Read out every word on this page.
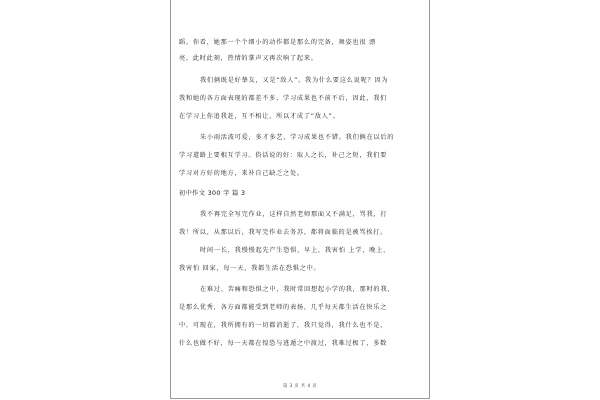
蹈。你看，她那一个个细小的动作都是那么的完备，舞姿也很 漂
亮。此时此刻，热情的掌声又再次响了起来。
我们俩既是好挚友，又是“敌人”。我为什么要这么说呢？因为
我和她的各方面表现的都差不多，学习成果也不前不后，因此，我们
在学习上你追我赶，互不相让，所以才成了“敌人”。
朱小雨活波可爱，多才多艺，学习成果也不错。我们俩在以后的
学习道路上要相互学习。俗话说的好：取人之长，补己之短，我们要
学习对方好的地方，来补自己缺乏之处。
初中作文 300 字 篇 3
我不再完全写完作业，这样自然老师那面又不满足，骂我，打
我！所以，从那以后，我写完作业去务苏，都将面临的是被骂挨打。
时间一长，我慢慢起先产生恐惧，早上，我害怕 上学，晚上，
我害怕 回家，每一天，我都生活在恐惧之中。
在难过、苦痛和恐惧之中，我时常回想起小学的我，那时的我，
是那么优秀，各方面都能受到老师的表扬，几乎每天都生活在快乐之
中，可现在，我所拥有的一切都消逝了，我只觉得，我什么也不是，
什么也做不好，每一天都在惶恐与逃遁之中渡过，我难过极了，多数
第 3 页 共 4 页
